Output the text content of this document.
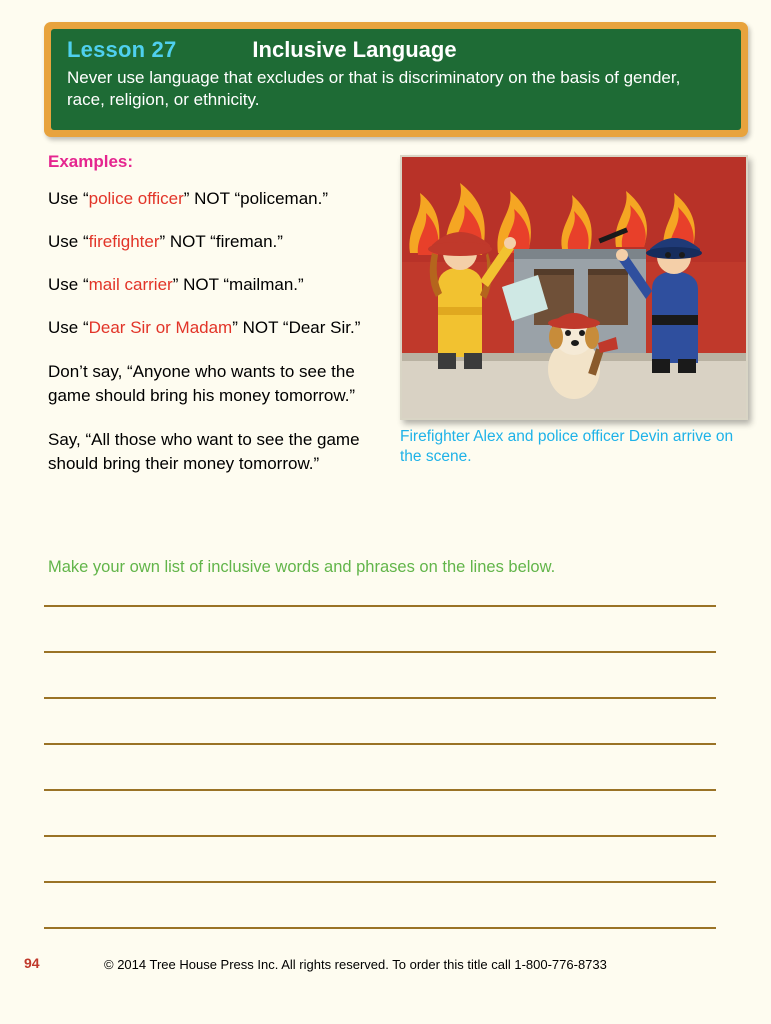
Lesson 27	Inclusive Language
Never use language that excludes or that is discriminatory on the basis of gender, race, religion, or ethnicity.
Examples:
Use “police officer” NOT “policeman.”
Use “firefighter” NOT “fireman.”
Use “mail carrier” NOT “mailman.”
Use “Dear Sir or Madam” NOT “Dear Sir.”
Don’t say, “Anyone who wants to see the game should bring his money tomorrow.”
Say, “All those who want to see the game should bring their money tomorrow.”
Firefighter Alex and police officer Devin arrive on the scene.
Make your own list of inclusive words and phrases on the lines below.
94	© 2014 Tree House Press Inc. All rights reserved. To order this title call 1-800-776-8733
